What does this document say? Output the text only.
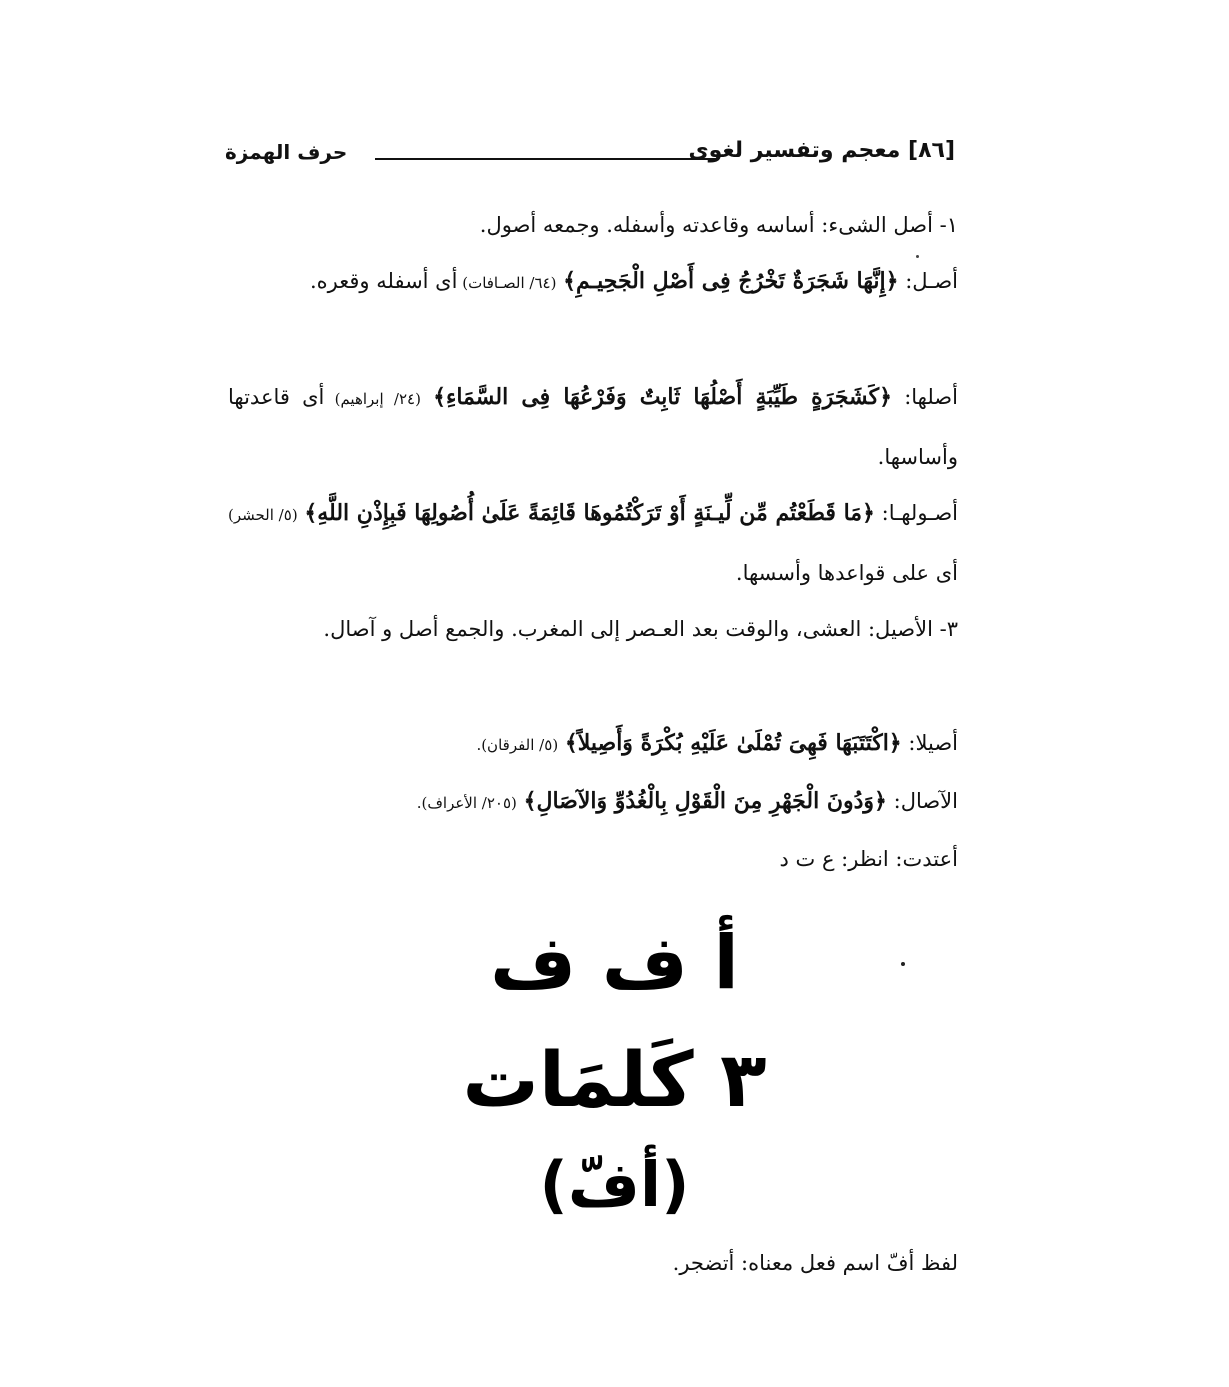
[٨٦] معجم وتفسير لغوى
حرف الهمزة
١- أصل الشىء: أساسه وقاعدته وأسفله. وجمعه أصول.
أصـل: ﴿إِنَّهَا شَجَرَةٌ تَخْرُجُ فِى أَصْلِ الْجَحِيـمِ﴾ (٦٤/ الصـافات) أى أسفله وقعره.
أصلها: ﴿كَشَجَرَةٍ طَيِّبَةٍ أَصْلُهَا ثَابِتٌ وَفَرْعُهَا فِى السَّمَاءِ﴾ (٢٤/ إبراهيم) أى قاعدتها وأساسها.
أصـولهـا: ﴿مَا قَطَعْتُم مِّن لِّيـنَةٍ أَوْ تَرَكْتُمُوهَا قَائِمَةً عَلَىٰ أُصُولِهَا فَبِإِذْنِ اللَّهِ﴾ (٥/ الحشر) أى على قواعدها وأسسها.
٣- الأصيل: العشى، والوقت بعد العـصر إلى المغرب. والجمع أصل و آصال.
أصيلا: ﴿اكْتَتَبَهَا فَهِىَ تُمْلَىٰ عَلَيْهِ بُكْرَةً وَأَصِيلاً﴾ (٥/ الفرقان).
الآصال: ﴿وَدُونَ الْجَهْرِ مِنَ الْقَوْلِ بِالْغُدُوِّ وَالآصَالِ﴾ (٢٠٥/ الأعراف).
أعتدت: انظر: ع ت د
أ ف ف
٣ كَلمَات
(أفّ)
لفظ أفّ اسم فعل معناه: أتضجر.
